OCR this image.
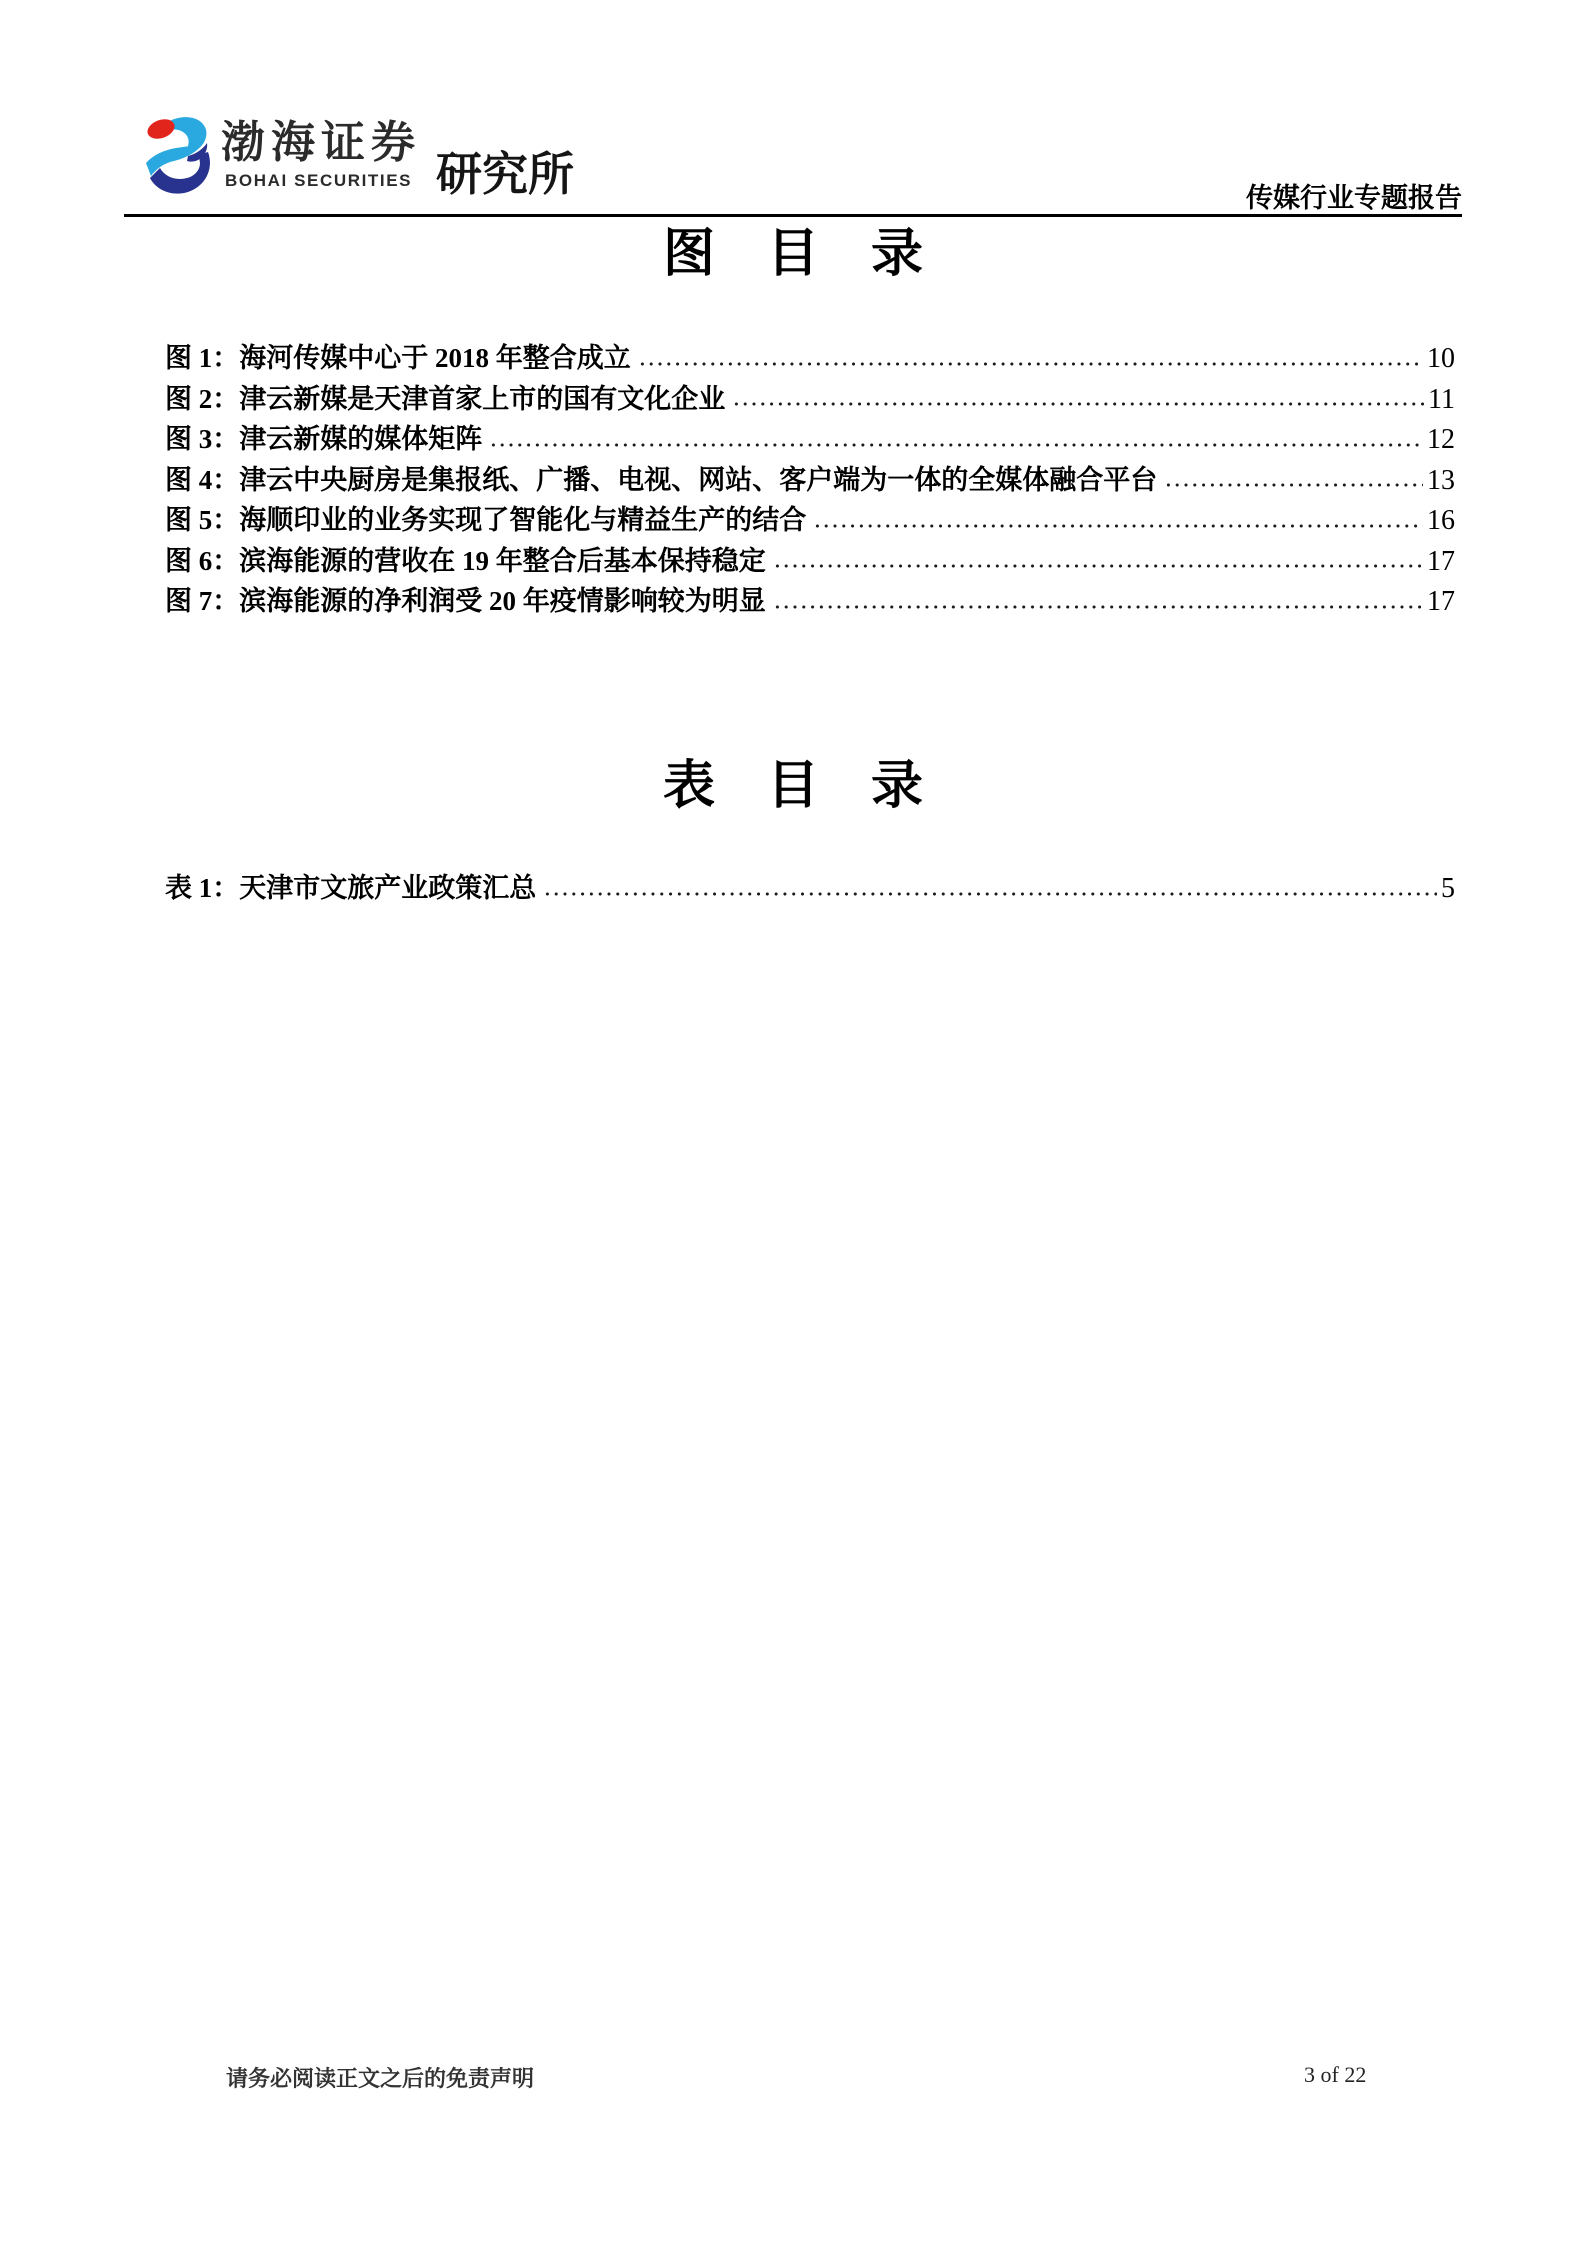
渤海证券
BOHAI SECURITIES 研究所	传媒行业专题报告
图　目　录
图 1：海河传媒中心于 2018 年整合成立	10
图 2：津云新媒是天津首家上市的国有文化企业	11
图 3：津云新媒的媒体矩阵	12
图 4：津云中央厨房是集报纸、广播、电视、网站、客户端为一体的全媒体融合平台	13
图 5：海顺印业的业务实现了智能化与精益生产的结合	16
图 6：滨海能源的营收在 19 年整合后基本保持稳定	17
图 7：滨海能源的净利润受 20 年疫情影响较为明显	17
表　目　录
表 1：天津市文旅产业政策汇总	5
请务必阅读正文之后的免责声明	3 of 22
